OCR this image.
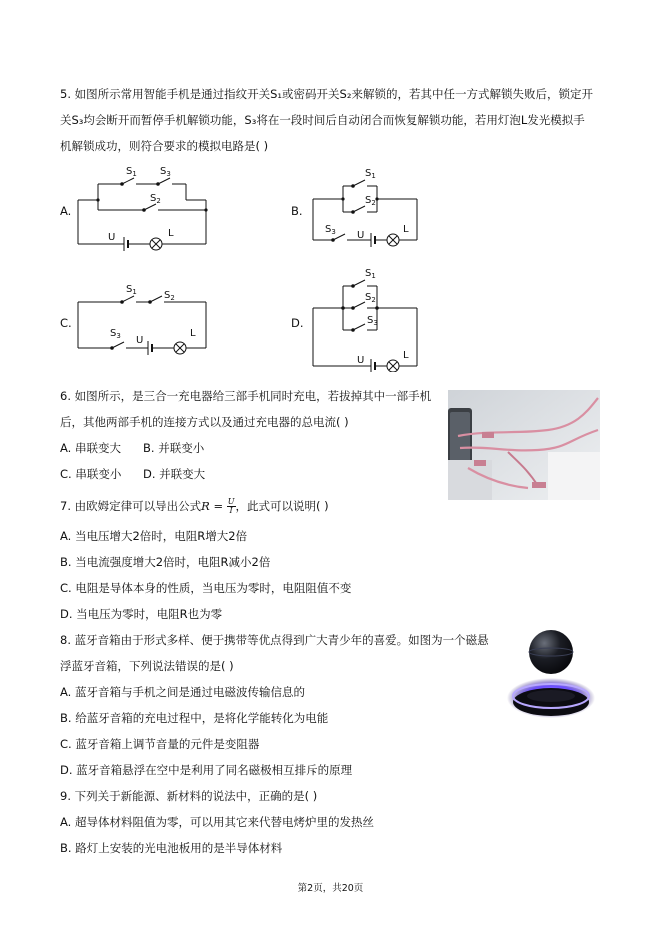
5. 如图所示常用智能手机是通过指纹开关S₁或密码开关S₂来解锁的，若其中任一方式解锁失败后，锁定开
关S₃均会断开而暂停手机解锁功能，S₃将在一段时间后自动闭合而恢复解锁功能，若用灯泡L发光模拟手
机解锁成功，则符合要求的模拟电路是( )
A.	B.
C.	D.
$S_1$ $S_3$
$S_2$
U	L
$S_1$
$S_2$
$S_3$ U
L
$S_1$	$S_2$
$S_3$ U
L
$S_1$
$S_2$
$S_3$
U	L
6. 如图所示，是三合一充电器给三部手机同时充电，若拔掉其中一部手机
后，其他两部手机的连接方式以及通过充电器的总电流( )
A. 串联变大 B. 并联变小
C. 串联变小 D. 并联变大
7. 由欧姆定律可以导出公式$R = \frac{U}{I}$ ，此式可以说明( )
A. 当电压增大2倍时，电阻R增大2倍
B. 当电流强度增大2倍时，电阻R减小2倍
C. 电阻是导体本身的性质，当电压为零时，电阻阻值不变
D. 当电压为零时，电阻R也为零
8. 蓝牙音箱由于形式多样、便于携带等优点得到广大青少年的喜爱。如图为一个磁悬
浮蓝牙音箱，下列说法错误的是( )
A. 蓝牙音箱与手机之间是通过电磁波传输信息的
B. 给蓝牙音箱的充电过程中，是将化学能转化为电能
C. 蓝牙音箱上调节音量的元件是变阻器
D. 蓝牙音箱悬浮在空中是利用了同名磁极相互排斥的原理
9. 下列关于新能源、新材料的说法中，正确的是( )
A. 超导体材料阻值为零，可以用其它来代替电烤炉里的发热丝
B. 路灯上安装的光电池板用的是半导体材料
第2页，共20页
